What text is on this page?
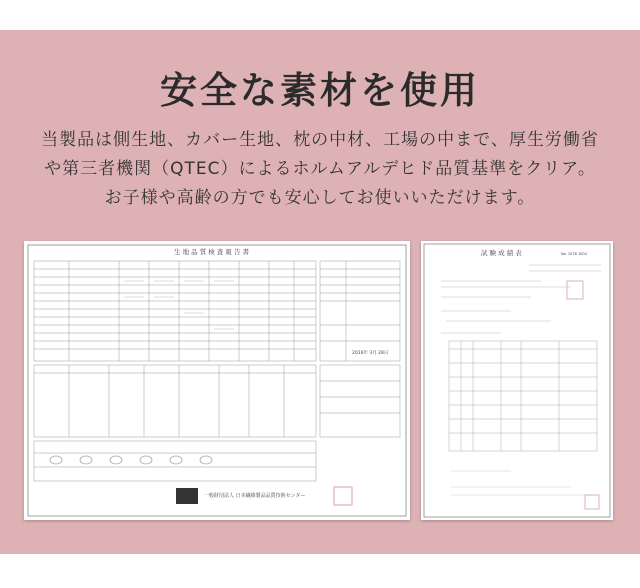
安全な素材を使用
当製品は側生地、カバー生地、枕の中材、工場の中まで、厚生労働省
や第三者機関（QTEC）によるホルムアルデヒド品質基準をクリア。
お子様や高齢の方でも安心してお使いいただけます。
生 地 品 質 検 査 報 告 書
2016年 3月 28日
一般財団法人 日本繊維製品品質技術センター
試 験 成 績 表	No. 1076 1004
